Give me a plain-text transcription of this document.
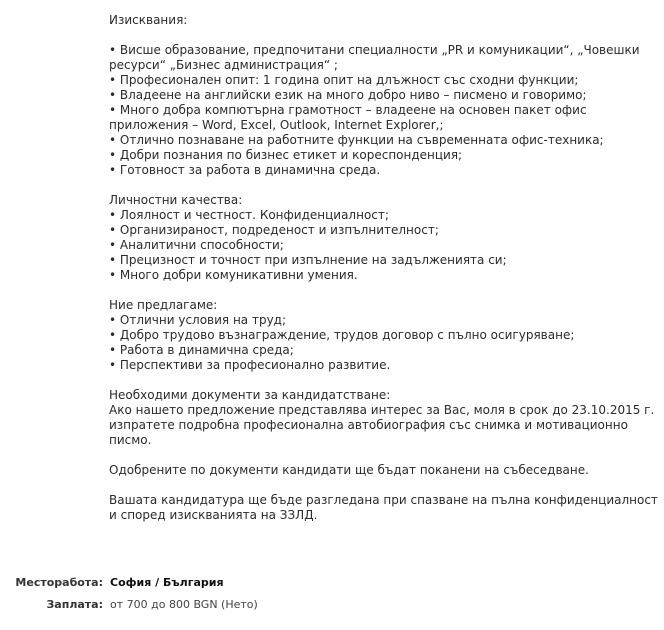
Изисквания:
• Висше образование, предпочитани специалности „PR и комуникации“, „Човешки ресурси“ „Бизнес администрация“ ;
• Професионален опит: 1 година опит на длъжност със сходни функции;
• Владеене на английски език на много добро ниво – писмено и говоримо;
• Много добра компютърна грамотност – владеене на основен пакет офис приложения – Word, Excel, Outlook, Internet Explorer,;
• Отлично познаване на работните функции на съвременната офис-техника;
• Добри познания по бизнес етикет и кореспонденция;
• Готовност за работа в динамична среда.
Личностни качества:
• Лоялност и честност. Конфиденциалност;
• Организираност, подреденост и изпълнителност;
• Аналитични способности;
• Прецизност и точност при изпълнение на задълженията си;
• Много добри комуникативни умения.
Ние предлагаме:
• Отлични условия на труд;
• Добро трудово възнаграждение, трудов договор с пълно осигуряване;
• Работа в динамична среда;
• Перспективи за професионално развитие.
Необходими документи за кандидатстване:
Ако нашето предложение представлява интерес за Вас, моля в срок до 23.10.2015 г. изпратете подробна професионална автобиография със снимка и мотивационно писмо.
Одобрените по документи кандидати ще бъдат поканени на събеседване.
Вашата кандидатура ще бъде разгледана при спазване на пълна конфиденциалност и според изискванията на ЗЗЛД.
Месторабота: София / България
Заплата: от 700 до 800 BGN (Нето)
